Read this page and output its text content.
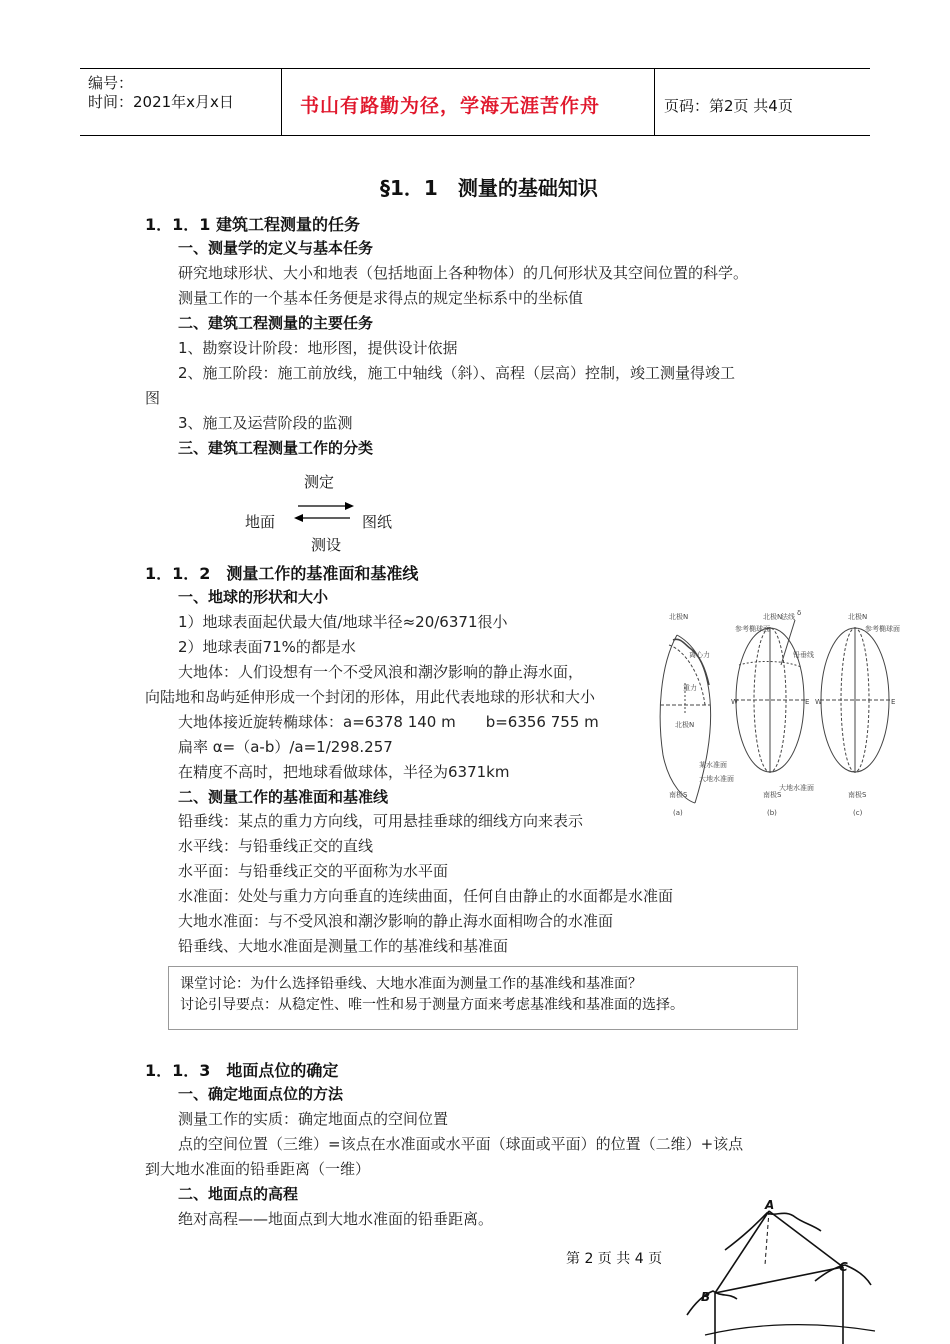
编号：
时间：2021年x月x日	书山有路勤为径，学海无涯苦作舟	页码：第2页 共4页
§1．1　测量的基础知识
1．1．1 建筑工程测量的任务
一、测量学的定义与基本任务
研究地球形状、大小和地表（包括地面上各种物体）的几何形状及其空间位置的科学。
测量工作的一个基本任务便是求得点的规定坐标系中的坐标值
二、建筑工程测量的主要任务
1、勘察设计阶段：地形图，提供设计依据
2、施工阶段：施工前放线，施工中轴线（斜）、高程（层高）控制，竣工测量得竣工
图
3、施工及运营阶段的监测
三、建筑工程测量工作的分类
测定
地面	图纸
测设
1．1．2　测量工作的基准面和基准线
一、地球的形状和大小
1）地球表面起伏最大值/地球半径≈20/6371很小
2）地球表面71%的都是水
大地体：人们设想有一个不受风浪和潮汐影响的静止海水面，
向陆地和岛屿延伸形成一个封闭的形体，用此代表地球的形状和大小
大地体接近旋转椭球体：a=6378 140 m　　b=6356 755 m
扁率 α=（a-b）/a=1/298.257
在精度不高时，把地球看做球体，半径为6371km
二、测量工作的基准面和基准线
铅垂线：某点的重力方向线，可用悬挂垂球的细线方向来表示
水平线：与铅垂线正交的直线
水平面：与铅垂线正交的平面称为水平面
水准面：处处与重力方向垂直的连续曲面，任何自由静止的水面都是水准面
大地水准面：与不受风浪和潮汐影响的静止海水面相吻合的水准面
铅垂线、大地水准面是测量工作的基准线和基准面
北极N
离心力
重力
北极N
某水准面
大地水准面
南极S
(a)
北极N
法线 δ
参考椭球面
铅垂线
W	E
大地水准面
南极S
(b)
北极N
参考椭球面
W	E
南极S
(c)
课堂讨论：为什么选择铅垂线、大地水准面为测量工作的基准线和基准面？
讨论引导要点：从稳定性、唯一性和易于测量方面来考虑基准线和基准面的选择。
1．1．3　地面点位的确定
一、确定地面点位的方法
测量工作的实质：确定地面点的空间位置
点的空间位置（三维）=该点在水准面或水平面（球面或平面）的位置（二维）+该点
到大地水准面的铅垂距离（一维）
二、地面点的高程
绝对高程——地面点到大地水准面的铅垂距离。
A
B
C
第 2 页 共 4 页
